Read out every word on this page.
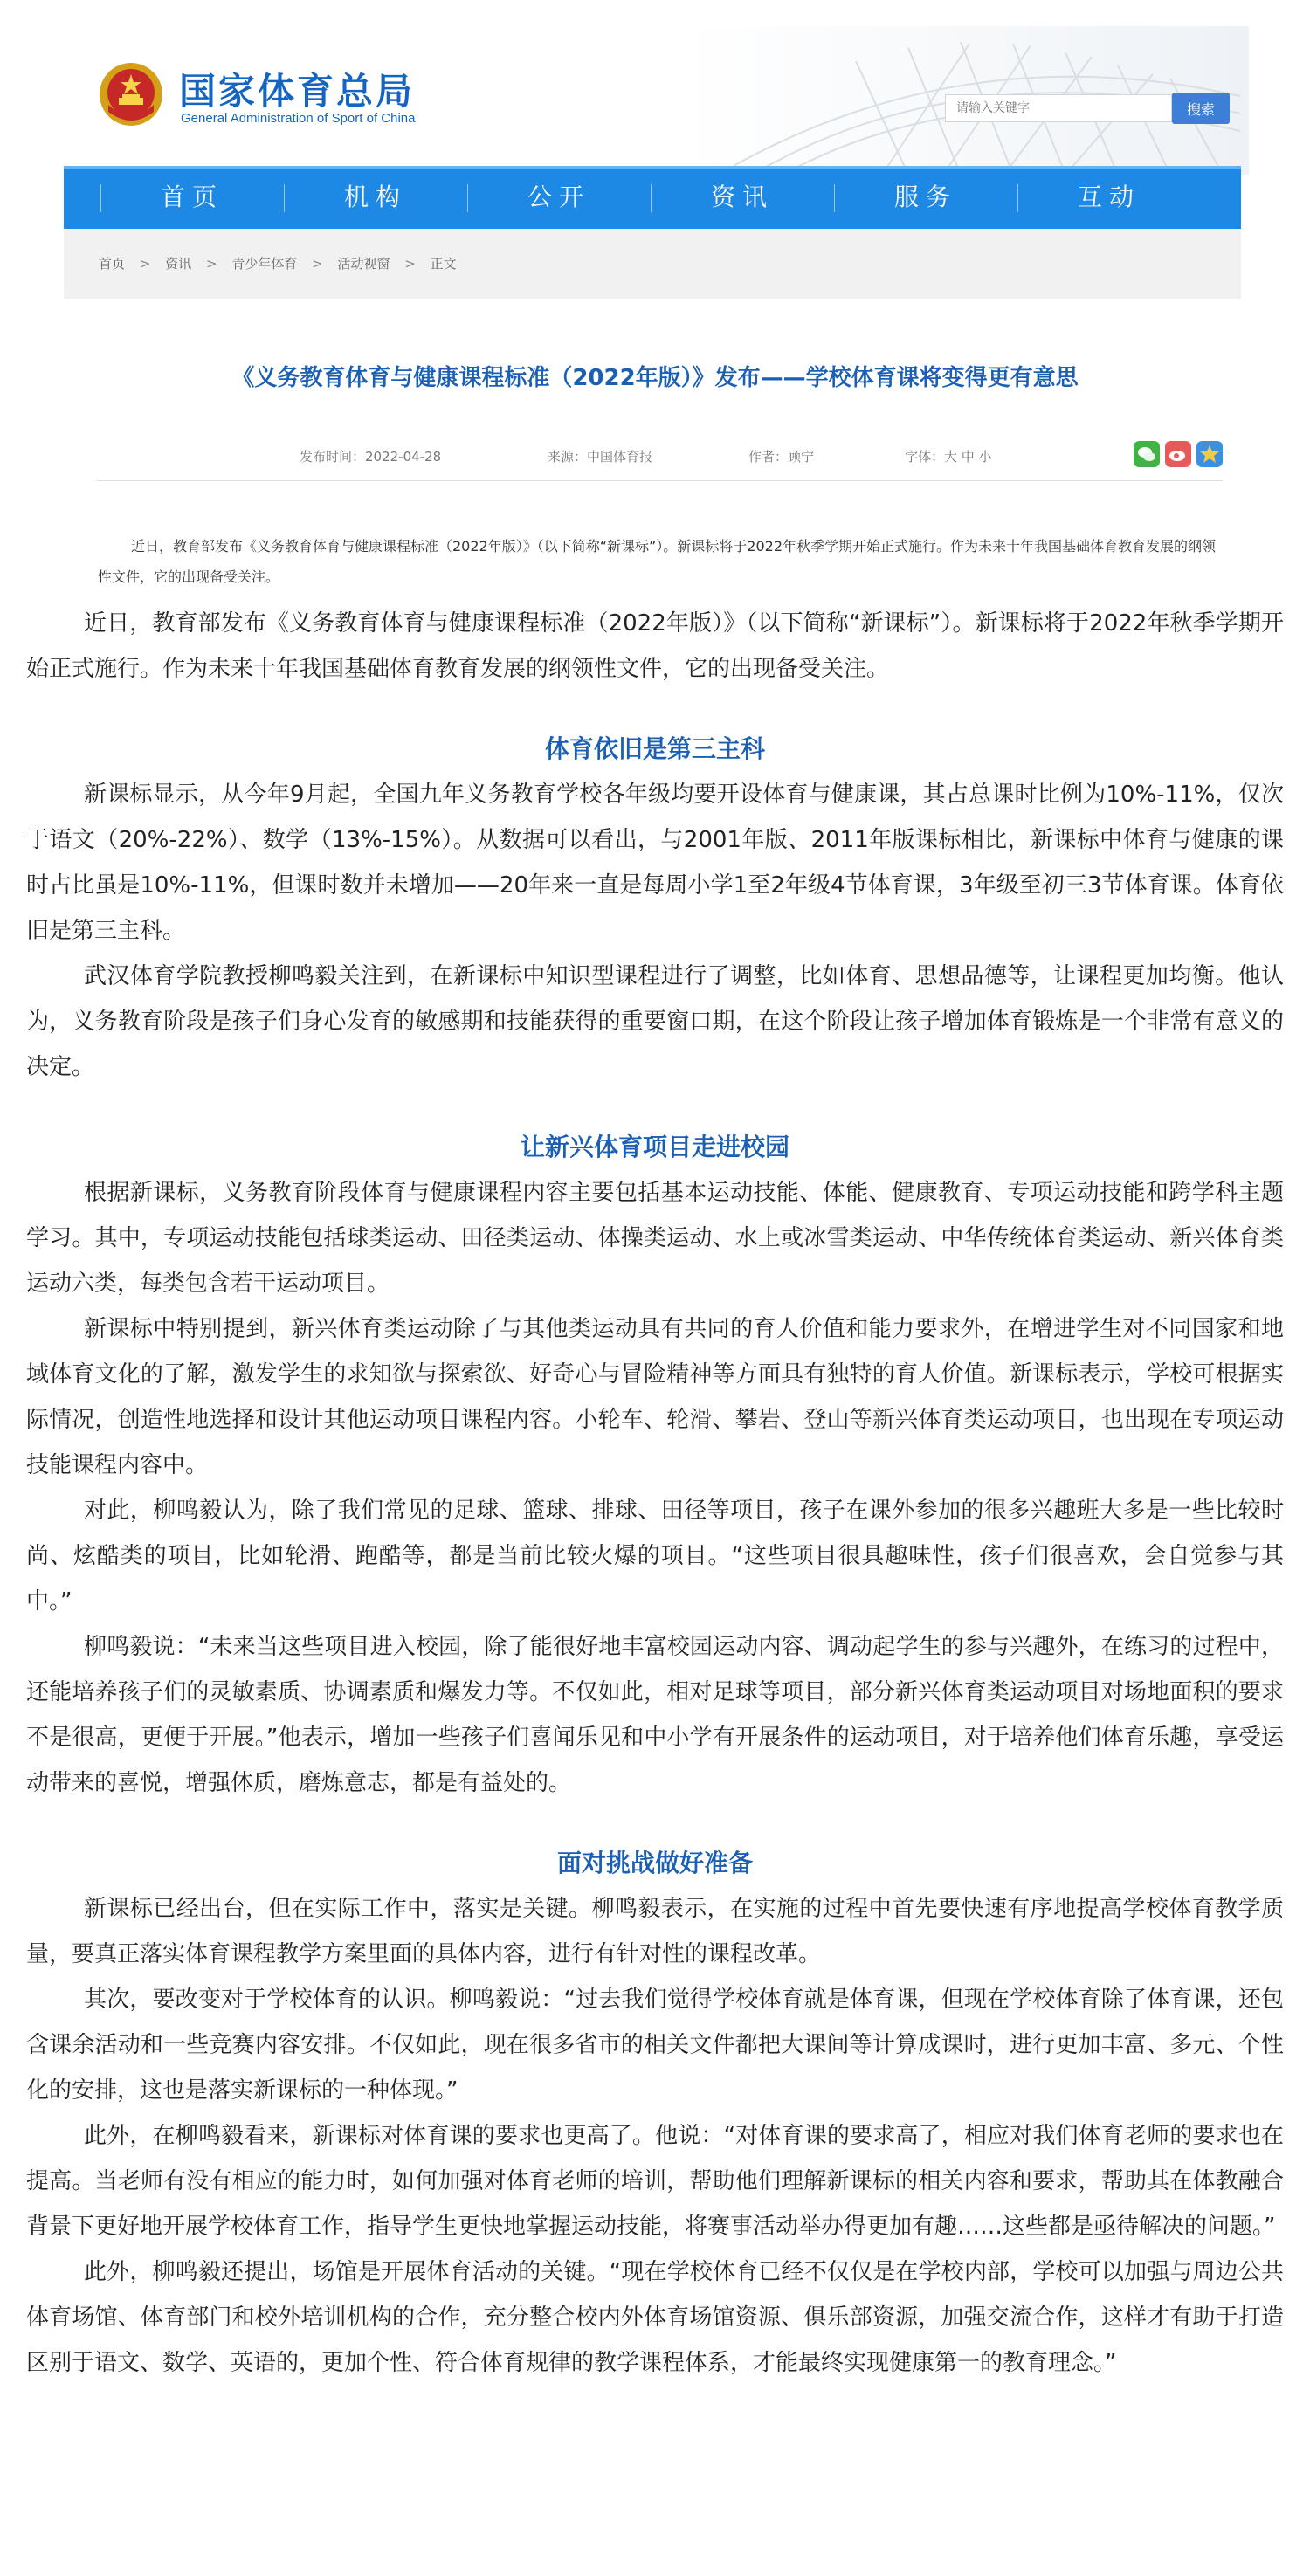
国家体育总局
General Administration of Sport of China
请输入关键字
搜索
首页	机构	公开	资讯	服务	互动
首页 > 资讯 > 青少年体育 > 活动视窗 > 正文
《义务教育体育与健康课程标准（2022年版）》发布——学校体育课将变得更有意思
发布时间：2022-04-28	来源：中国体育报	作者：顾宁	字体：大 中 小
近日，教育部发布《义务教育体育与健康课程标准（2022年版）》（以下简称“新课标”）。新课标将于2022年秋季学期开始正式施行。作为未来十年我国基础体育教育发展的纲领性文件，它的出现备受关注。

近日，教育部发布《义务教育体育与健康课程标准（2022年版）》（以下简称“新课标”）。新课标将于2022年秋季学期开始正式施行。作为未来十年我国基础体育教育发展的纲领性文件，它的出现备受关注。

体育依旧是第三主科

新课标显示，从今年9月起，全国九年义务教育学校各年级均要开设体育与健康课，其占总课时比例为10%-11%，仅次于语文（20%-22%）、数学（13%-15%）。从数据可以看出，与2001年版、2011年版课标相比，新课标中体育与健康的课时占比虽是10%-11%，但课时数并未增加——20年来一直是每周小学1至2年级4节体育课，3年级至初三3节体育课。体育依旧是第三主科。

武汉体育学院教授柳鸣毅关注到，在新课标中知识型课程进行了调整，比如体育、思想品德等，让课程更加均衡。他认为，义务教育阶段是孩子们身心发育的敏感期和技能获得的重要窗口期，在这个阶段让孩子增加体育锻炼是一个非常有意义的决定。

让新兴体育项目走进校园

根据新课标，义务教育阶段体育与健康课程内容主要包括基本运动技能、体能、健康教育、专项运动技能和跨学科主题学习。其中，专项运动技能包括球类运动、田径类运动、体操类运动、水上或冰雪类运动、中华传统体育类运动、新兴体育类运动六类，每类包含若干运动项目。

新课标中特别提到，新兴体育类运动除了与其他类运动具有共同的育人价值和能力要求外，在增进学生对不同国家和地域体育文化的了解，激发学生的求知欲与探索欲、好奇心与冒险精神等方面具有独特的育人价值。新课标表示，学校可根据实际情况，创造性地选择和设计其他运动项目课程内容。小轮车、轮滑、攀岩、登山等新兴体育类运动项目，也出现在专项运动技能课程内容中。

对此，柳鸣毅认为，除了我们常见的足球、篮球、排球、田径等项目，孩子在课外参加的很多兴趣班大多是一些比较时尚、炫酷类的项目，比如轮滑、跑酷等，都是当前比较火爆的项目。“这些项目很具趣味性，孩子们很喜欢，会自觉参与其中。”

柳鸣毅说：“未来当这些项目进入校园，除了能很好地丰富校园运动内容、调动起学生的参与兴趣外，在练习的过程中，还能培养孩子们的灵敏素质、协调素质和爆发力等。不仅如此，相对足球等项目，部分新兴体育类运动项目对场地面积的要求不是很高，更便于开展。”他表示，增加一些孩子们喜闻乐见和中小学有开展条件的运动项目，对于培养他们体育乐趣，享受运动带来的喜悦，增强体质，磨炼意志，都是有益处的。

面对挑战做好准备

新课标已经出台，但在实际工作中，落实是关键。柳鸣毅表示，在实施的过程中首先要快速有序地提高学校体育教学质量，要真正落实体育课程教学方案里面的具体内容，进行有针对性的课程改革。

其次，要改变对于学校体育的认识。柳鸣毅说：“过去我们觉得学校体育就是体育课，但现在学校体育除了体育课，还包含课余活动和一些竞赛内容安排。不仅如此，现在很多省市的相关文件都把大课间等计算成课时，进行更加丰富、多元、个性化的安排，这也是落实新课标的一种体现。”

此外，在柳鸣毅看来，新课标对体育课的要求也更高了。他说：“对体育课的要求高了，相应对我们体育老师的要求也在提高。当老师有没有相应的能力时，如何加强对体育老师的培训，帮助他们理解新课标的相关内容和要求，帮助其在体教融合背景下更好地开展学校体育工作，指导学生更快地掌握运动技能，将赛事活动举办得更加有趣……这些都是亟待解决的问题。”

此外，柳鸣毅还提出，场馆是开展体育活动的关键。“现在学校体育已经不仅仅是在学校内部，学校可以加强与周边公共体育场馆、体育部门和校外培训机构的合作，充分整合校内外体育场馆资源、俱乐部资源，加强交流合作，这样才有助于打造区别于语文、数学、英语的，更加个性、符合体育规律的教学课程体系，才能最终实现健康第一的教育理念。”
